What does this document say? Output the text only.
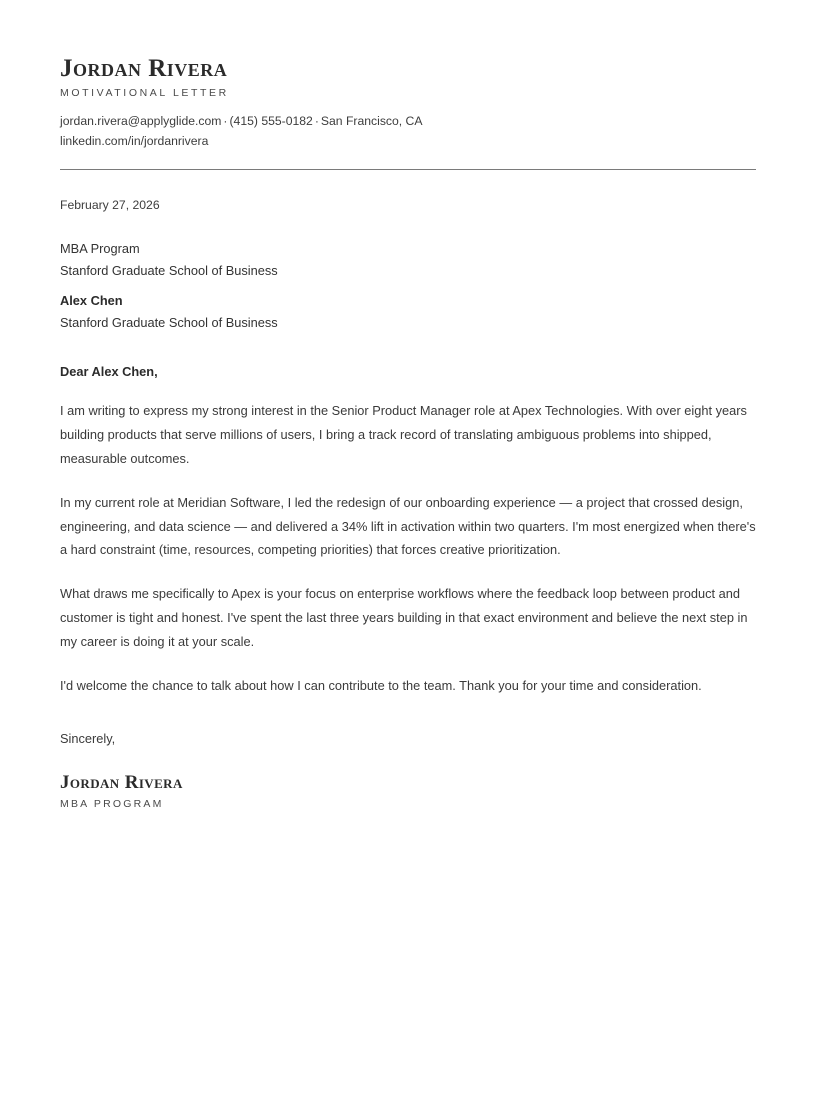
Jordan Rivera
MOTIVATIONAL LETTER
jordan.rivera@applyglide.com · (415) 555-0182 · San Francisco, CA
linkedin.com/in/jordanrivera
February 27, 2026
MBA Program
Stanford Graduate School of Business
Alex Chen
Stanford Graduate School of Business
Dear Alex Chen,
I am writing to express my strong interest in the Senior Product Manager role at Apex Technologies. With over eight years building products that serve millions of users, I bring a track record of translating ambiguous problems into shipped, measurable outcomes.
In my current role at Meridian Software, I led the redesign of our onboarding experience — a project that crossed design, engineering, and data science — and delivered a 34% lift in activation within two quarters. I'm most energized when there's a hard constraint (time, resources, competing priorities) that forces creative prioritization.
What draws me specifically to Apex is your focus on enterprise workflows where the feedback loop between product and customer is tight and honest. I've spent the last three years building in that exact environment and believe the next step in my career is doing it at your scale.
I'd welcome the chance to talk about how I can contribute to the team. Thank you for your time and consideration.
Sincerely,
Jordan Rivera
MBA PROGRAM
